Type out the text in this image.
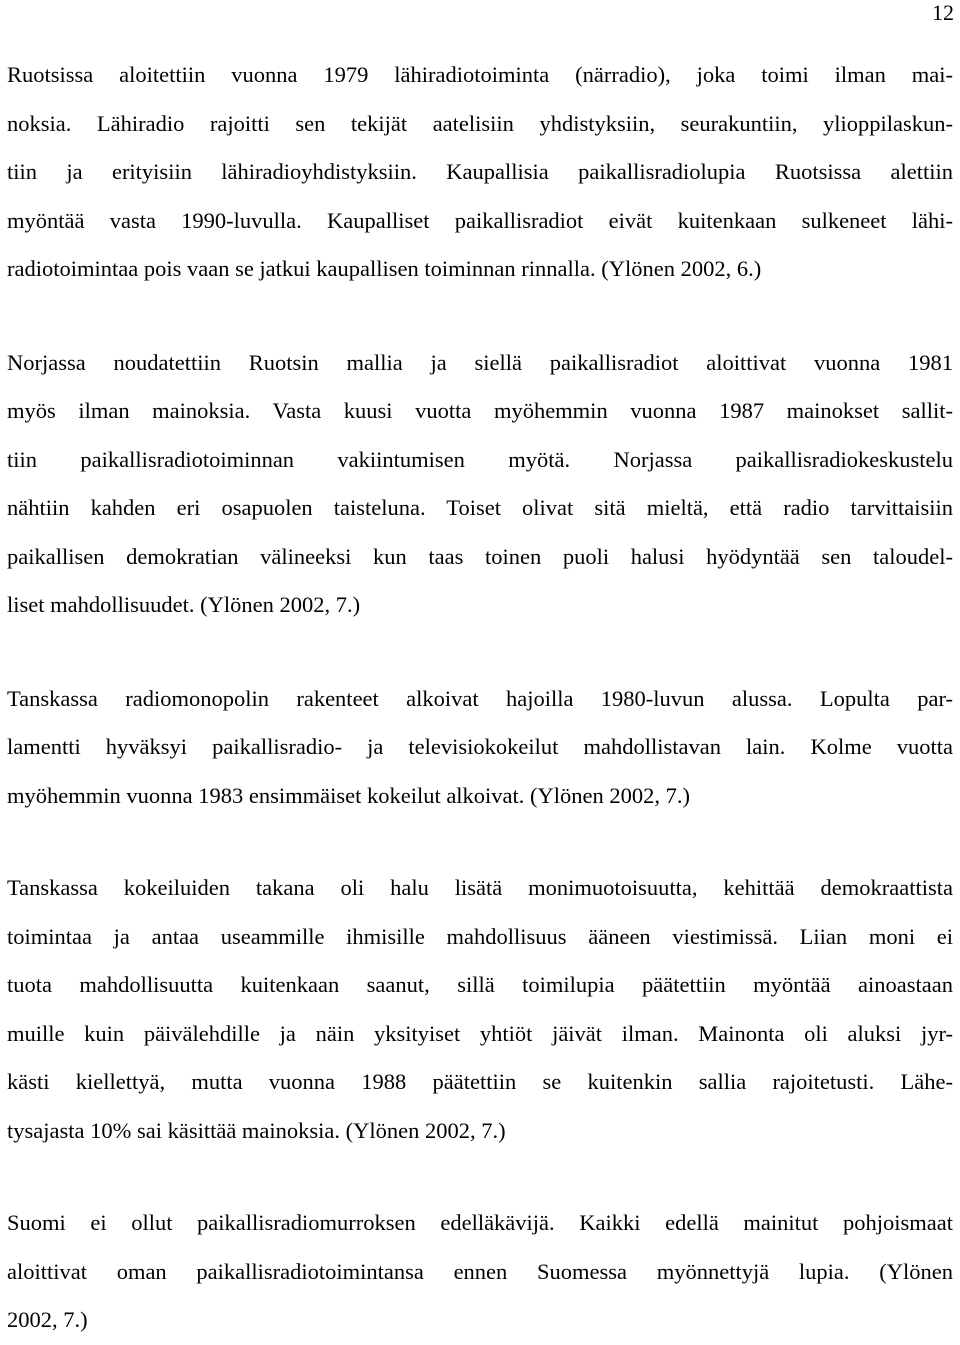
12

Ruotsissa aloitettiin vuonna 1979 lähiradiotoiminta (närradio), joka toimi ilman mai-
noksia. Lähiradio rajoitti sen tekijät aatelisiin yhdistyksiin, seurakuntiin, ylioppilaskun-
tiin ja erityisiin lähiradioyhdistyksiin. Kaupallisia paikallisradiolupia Ruotsissa alettiin
myöntää vasta 1990-luvulla. Kaupalliset paikallisradiot eivät kuitenkaan sulkeneet lähi-
radiotoimintaa pois vaan se jatkui kaupallisen toiminnan rinnalla. (Ylönen 2002, 6.)

Norjassa noudatettiin Ruotsin mallia ja siellä paikallisradiot aloittivat vuonna 1981
myös ilman mainoksia. Vasta kuusi vuotta myöhemmin vuonna 1987 mainokset sallit-
tiin paikallisradiotoiminnan vakiintumisen myötä. Norjassa paikallisradiokeskustelu
nähtiin kahden eri osapuolen taisteluna. Toiset olivat sitä mieltä, että radio tarvittaisiin
paikallisen demokratian välineeksi kun taas toinen puoli halusi hyödyntää sen taloudel-
liset mahdollisuudet. (Ylönen 2002, 7.)

Tanskassa radiomonopolin rakenteet alkoivat hajoilla 1980-luvun alussa. Lopulta par-
lamentti hyväksyi paikallisradio- ja televisiokokeilut mahdollistavan lain. Kolme vuotta
myöhemmin vuonna 1983 ensimmäiset kokeilut alkoivat. (Ylönen 2002, 7.)

Tanskassa kokeiluiden takana oli halu lisätä monimuotoisuutta, kehittää demokraattista
toimintaa ja antaa useammille ihmisille mahdollisuus ääneen viestimissä. Liian moni ei
tuota mahdollisuutta kuitenkaan saanut, sillä toimilupia päätettiin myöntää ainoastaan
muille kuin päivälehdille ja näin yksityiset yhtiöt jäivät ilman. Mainonta oli aluksi jyr-
kästi kiellettyä, mutta vuonna 1988 päätettiin se kuitenkin sallia rajoitetusti. Lähe-
tysajasta 10% sai käsittää mainoksia. (Ylönen 2002, 7.)

Suomi ei ollut paikallisradiomurroksen edelläkävijä. Kaikki edellä mainitut pohjoismaat
aloittivat oman paikallisradiotoimintansa ennen Suomessa myönnettyjä lupia. (Ylönen
2002, 7.)
